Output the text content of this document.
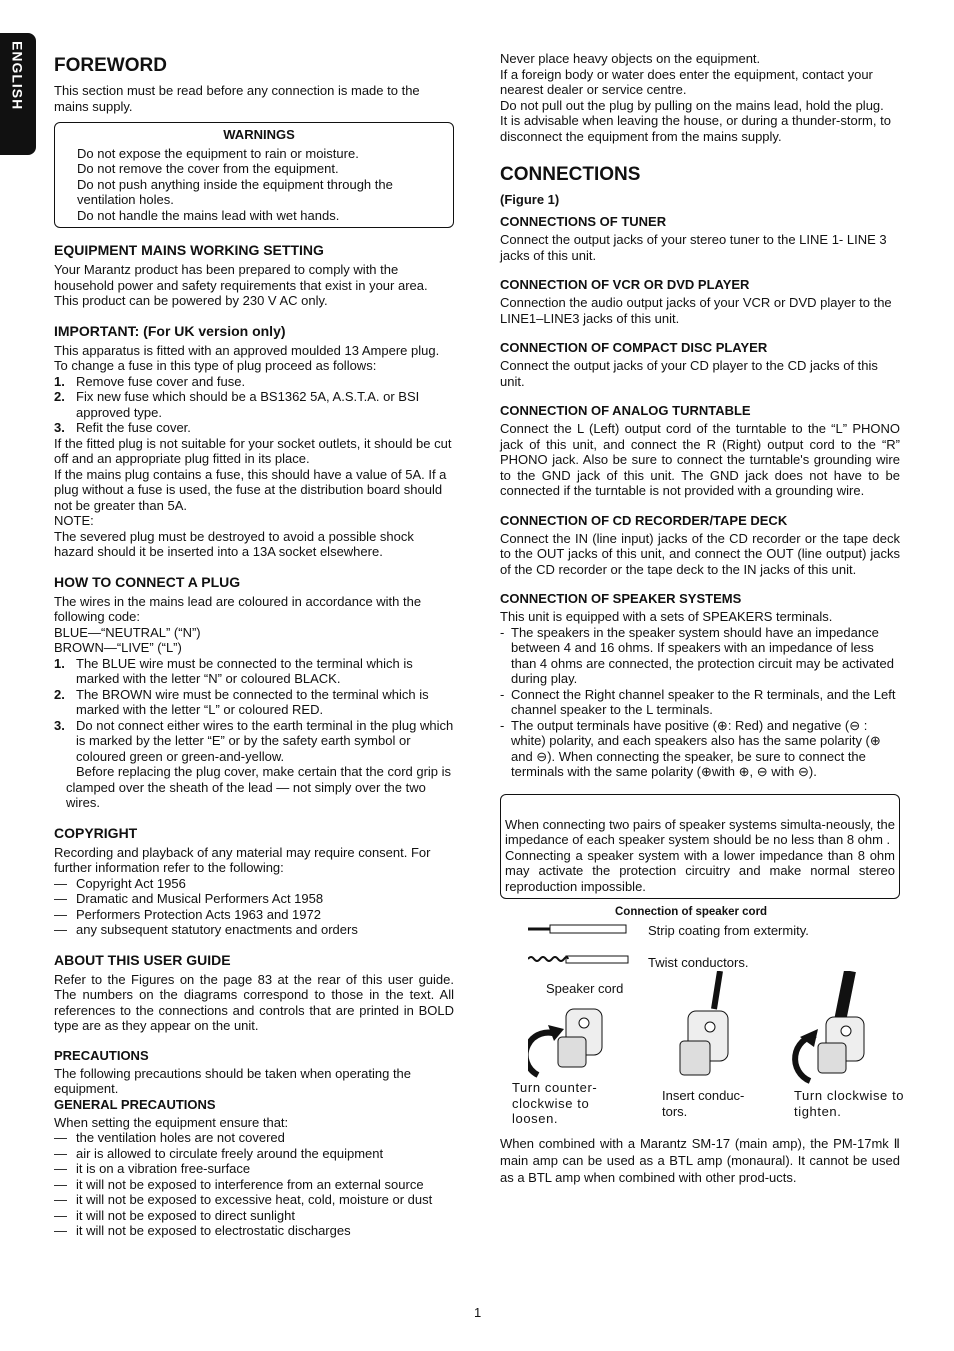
ENGLISH FOREWORD

This section must be read before any connection is made to the mains supply.

WARNINGS

Do not expose the equipment to rain or moisture.

Do not remove the cover from the equipment.

Do not push anything inside the equipment through the ventilation holes.

Do not handle the mains lead with wet hands.

EQUIPMENT MAINS WORKING SETTING

Your Marantz product has been prepared to comply with the household power and safety requirements that exist in your area.

This product can be powered by 230 V AC only.

IMPORTANT: (For UK version only)

This apparatus is fitted with an approved moulded 13 Ampere plug.

To change a fuse in this type of plug proceed as follows:

1. Remove fuse cover and fuse.
2. Fix new fuse which should be a BS1362 5A, A.S.T.A. or BSI approved type.
3. Refit the fuse cover.

If the fitted plug is not suitable for your socket outlets, it should be cut off and an appropriate plug fitted in its place.

If the mains plug contains a fuse, this should have a value of 5A. If a plug without a fuse is used, the fuse at the distribution board should not be greater than 5A.

NOTE:

The severed plug must be destroyed to avoid a possible shock hazard should it be inserted into a 13A socket elsewhere.

HOW TO CONNECT A PLUG

The wires in the mains lead are coloured in accordance with the following code:

BLUE—“NEUTRAL” (“N”)

BROWN—“LIVE” (“L”)

1. The BLUE wire must be connected to the terminal which is marked with the letter “N” or coloured BLACK.
2. The BROWN wire must be connected to the terminal which is marked with the letter “L” or coloured RED.
3. Do not connect either wires to the earth terminal in the plug which is marked by the letter “E” or by the safety earth symbol or coloured green or green-and-yellow.

Before replacing the plug cover, make certain that the cord grip is clamped over the sheath of the lead — not simply over the two wires.

COPYRIGHT

Recording and playback of any material may require consent. For further information refer to the following:

— Copyright Act 1956
— Dramatic and Musical Performers Act 1958
— Performers Protection Acts 1963 and 1972
— any subsequent statutory enactments and orders
ABOUT THIS USER GUIDE

Refer to the Figures on the page 83 at the rear of this user guide. The numbers on the diagrams correspond to those in the text. All references to the connections and controls that are printed in BOLD type are as they appear on the unit.

PRECAUTIONS

The following precautions should be taken when operating the equipment.

GENERAL PRECAUTIONS

When setting the equipment ensure that:

— the ventilation holes are not covered
— air is allowed to circulate freely around the equipment
— it is on a vibration free-surface
— it will not be exposed to interference from an external source
— it will not be exposed to excessive heat, cold, moisture or dust
— it will not be exposed to direct sunlight
— it will not be exposed to electrostatic discharges

Never place heavy objects on the equipment.

If a foreign body or water does enter the equipment, contact your nearest dealer or service centre.

Do not pull out the plug by pulling on the mains lead, hold the plug.

It is advisable when leaving the house, or during a thunder-storm, to disconnect the equipment from the mains supply.

CONNECTIONS
(Figure 1)
CONNECTIONS OF TUNER

Connect the output jacks of your stereo tuner to the LINE 1- LINE 3 jacks of this unit.

CONNECTION OF VCR OR DVD PLAYER

Connection the audio output jacks of your VCR or DVD player to the LINE1–LINE3 jacks of this unit.

CONNECTION OF COMPACT DISC PLAYER

Connect the output jacks of your CD player to the CD jacks of this unit.

CONNECTION OF ANALOG TURNTABLE

Connect the L (Left) output cord of the turntable to the “L” PHONO jack of this unit, and connect the R (Right) output cord to the “R” PHONO jack. Also be sure to connect the turntable's grounding wire to the GND jack of this unit. The GND jack does not have to be connected if the turntable is not provided with a grounding wire.

CONNECTION OF CD RECORDER/TAPE DECK

Connect the IN (line input) jacks of the CD recorder or the tape deck to the OUT jacks of this unit, and connect the OUT (line output) jacks of the CD recorder or the tape deck to the IN jacks of this unit.

CONNECTION OF SPEAKER SYSTEMS

This unit is equipped with a sets of SPEAKERS terminals.

- The speakers in the speaker system should have an impedance between 4 and 16 ohms. If speakers with an impedance of less than 4 ohms are connected, the protection circuit may be activated during play.
- Connect the Right channel speaker to the R terminals, and the Left channel speaker to the L terminals.
- The output terminals have positive (⊕: Red) and negative (⊖ : white) polarity, and each speakers also has the same polarity (⊕ and ⊖). When connecting the speaker, be sure to connect the terminals with the same polarity (⊕with ⊕, ⊖ with ⊖).

When connecting two pairs of speaker systems simulta-neously, the impedance of each speaker system should be no less than 8 ohm .

Connecting a speaker system with a lower impedance than 8 ohm may activate the protection circuitry and make normal stereo reproduction impossible.

Connection of speaker cord
Strip coating from extermity.
Twist conductors.
Speaker cord
Turn counter-clockwise to loosen.
Insert conduc-tors.
Turn clockwise to tighten.

When combined with a Marantz SM-17 (main amp), the PM-17mk Ⅱ main amp can be used as a BTL amp (monaural). It cannot be used as a BTL amp when combined with other prod-ucts.

1
